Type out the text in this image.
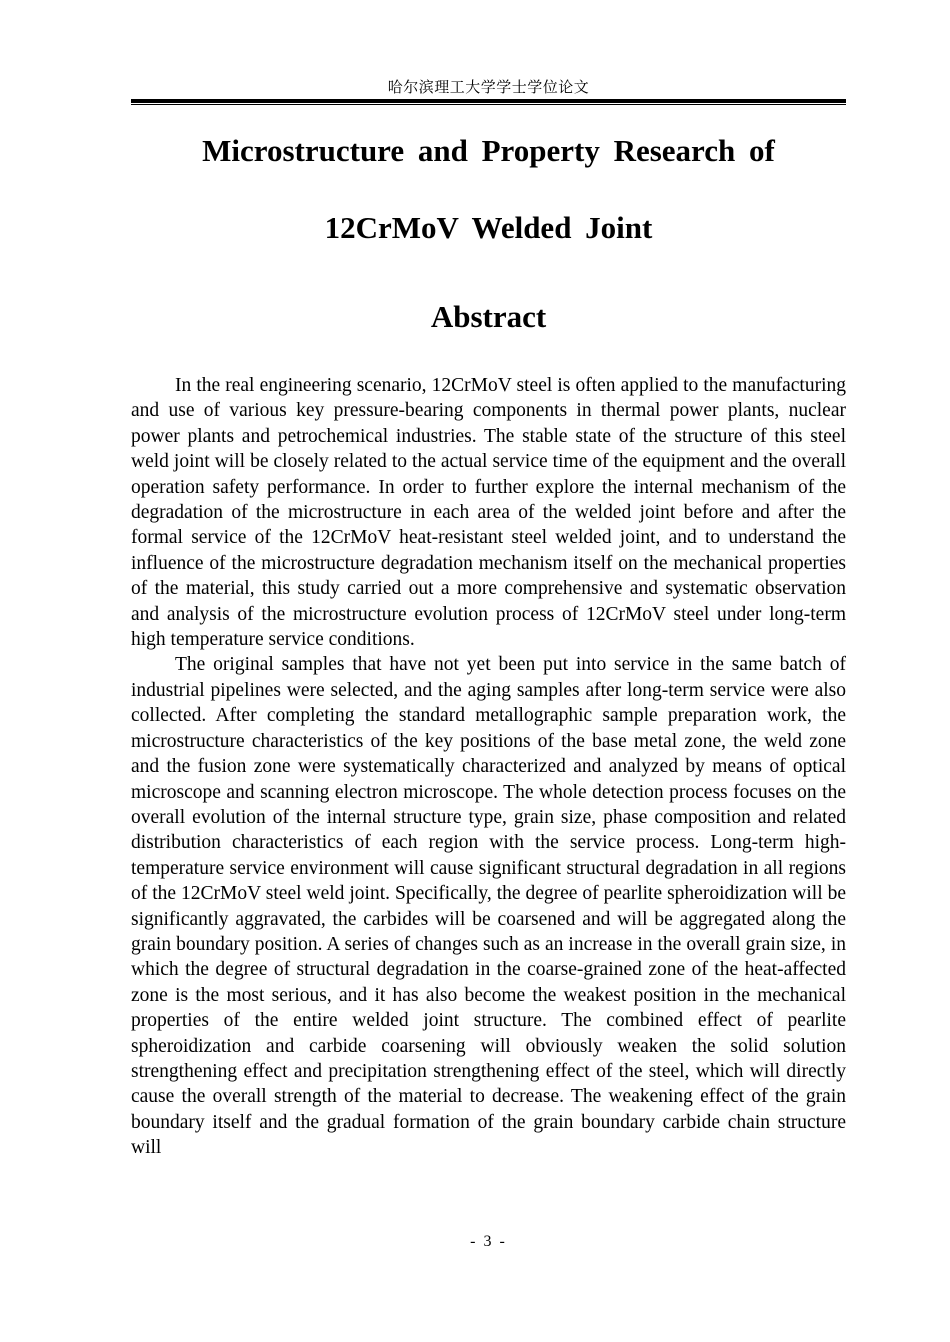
哈尔滨理工大学学士学位论文
Microstructure and Property Research of
12CrMoV Welded Joint
Abstract

In the real engineering scenario, 12CrMoV steel is often applied to the manufacturing and use of various key pressure-bearing components in thermal power plants, nuclear power plants and petrochemical industries. The stable state of the structure of this steel weld joint will be closely related to the actual service time of the equipment and the overall operation safety performance. In order to further explore the internal mechanism of the degradation of the microstructure in each area of the welded joint before and after the formal service of the 12CrMoV heat-resistant steel welded joint, and to understand the influence of the microstructure degradation mechanism itself on the mechanical properties of the material, this study carried out a more comprehensive and systematic observation and analysis of the microstructure evolution process of 12CrMoV steel under long-term high temperature service conditions.

The original samples that have not yet been put into service in the same batch of industrial pipelines were selected, and the aging samples after long-term service were also collected. After completing the standard metallographic sample preparation work, the microstructure characteristics of the key positions of the base metal zone, the weld zone and the fusion zone were systematically characterized and analyzed by means of optical microscope and scanning electron microscope. The whole detection process focuses on the overall evolution of the internal structure type, grain size, phase composition and related distribution characteristics of each region with the service process. Long-term high-temperature service environment will cause significant structural degradation in all regions of the 12CrMoV steel weld joint. Specifically, the degree of pearlite spheroidization will be significantly aggravated, the carbides will be coarsened and will be aggregated along the grain boundary position. A series of changes such as an increase in the overall grain size, in which the degree of structural degradation in the coarse-grained zone of the heat-affected zone is the most serious, and it has also become the weakest position in the mechanical properties of the entire welded joint structure. The combined effect of pearlite spheroidization and carbide coarsening will obviously weaken the solid solution strengthening effect and precipitation strengthening effect of the steel, which will directly cause the overall strength of the material to decrease. The weakening effect of the grain boundary itself and the gradual formation of the grain boundary carbide chain structure will

- 3 -
